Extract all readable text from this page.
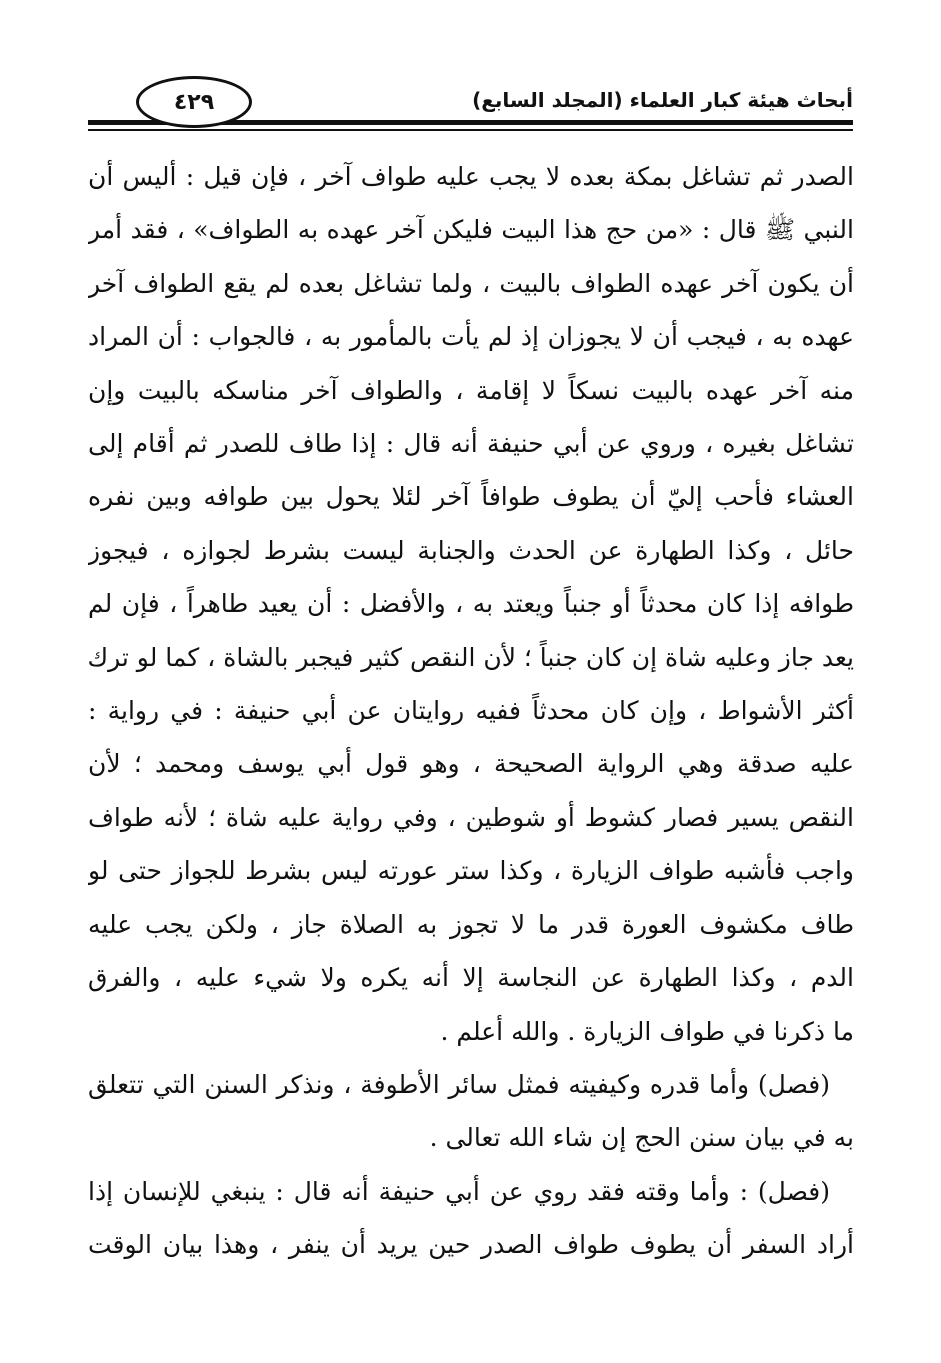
٤٢٩	أبحاث هيئة كبار العلماء (المجلد السابع)
الصدر ثم تشاغل بمكة بعده لا يجب عليه طواف آخر ، فإن قيل : أليس أن
النبي ﷺ قال : «من حج هذا البيت فليكن آخر عهده به الطواف» ، فقد أمر
أن يكون آخر عهده الطواف بالبيت ، ولما تشاغل بعده لم يقع الطواف آخر
عهده به ، فيجب أن لا يجوزان إذ لم يأت بالمأمور به ، فالجواب : أن المراد
منه آخر عهده بالبيت نسكاً لا إقامة ، والطواف آخر مناسكه بالبيت وإن
تشاغل بغيره ، وروي عن أبي حنيفة أنه قال : إذا طاف للصدر ثم أقام إلى
العشاء فأحب إليّ أن يطوف طوافاً آخر لئلا يحول بين طوافه وبين نفره
حائل ، وكذا الطهارة عن الحدث والجنابة ليست بشرط لجوازه ، فيجوز
طوافه إذا كان محدثاً أو جنباً ويعتد به ، والأفضل : أن يعيد طاهراً ، فإن لم
يعد جاز وعليه شاة إن كان جنباً ؛ لأن النقص كثير فيجبر بالشاة ، كما لو ترك
أكثر الأشواط ، وإن كان محدثاً ففيه روايتان عن أبي حنيفة : في رواية :
عليه صدقة وهي الرواية الصحيحة ، وهو قول أبي يوسف ومحمد ؛ لأن
النقص يسير فصار كشوط أو شوطين ، وفي رواية عليه شاة ؛ لأنه طواف
واجب فأشبه طواف الزيارة ، وكذا ستر عورته ليس بشرط للجواز حتى لو
طاف مكشوف العورة قدر ما لا تجوز به الصلاة جاز ، ولكن يجب عليه
الدم ، وكذا الطهارة عن النجاسة إلا أنه يكره ولا شيء عليه ، والفرق
ما ذكرنا في طواف الزيارة . والله أعلم .
(فصل) وأما قدره وكيفيته فمثل سائر الأطوفة ، ونذكر السنن التي تتعلق
به في بيان سنن الحج إن شاء الله تعالى .
(فصل) : وأما وقته فقد روي عن أبي حنيفة أنه قال : ينبغي للإنسان إذا
أراد السفر أن يطوف طواف الصدر حين يريد أن ينفر ، وهذا بيان الوقت
